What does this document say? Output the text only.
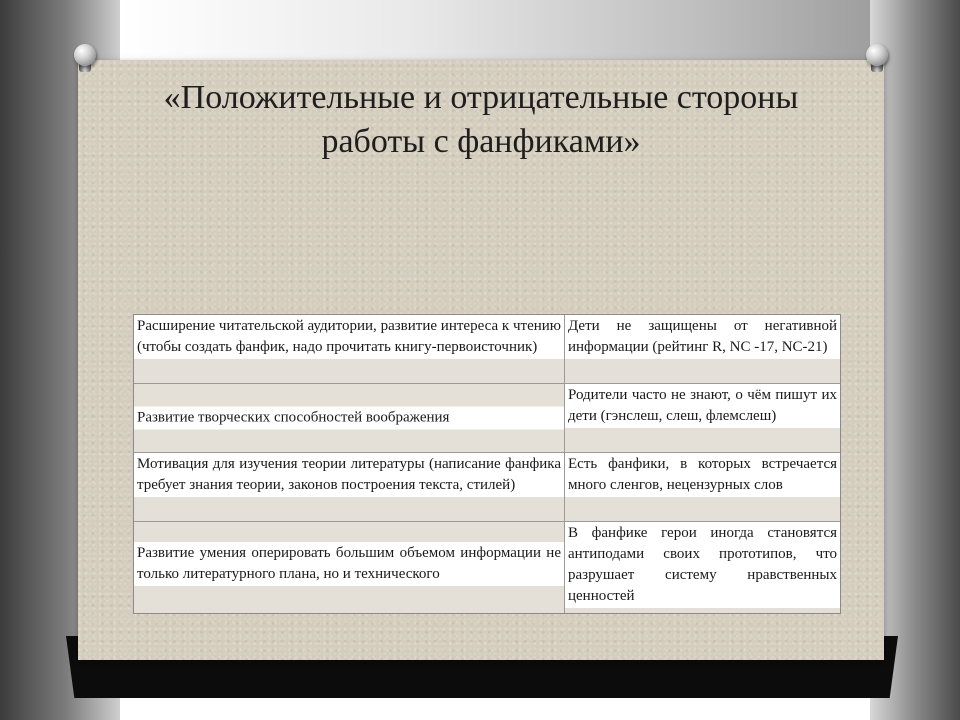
«Положительные и отрицательные стороны
работы с фанфиками»
Расширение читательской аудитории, развитие интереса к чтению (чтобы создать фанфик, надо прочитать книгу-первоисточник)
Дети не защищены от негативной информации (рейтинг R, NC -17, NC-21)
Развитие творческих способностей воображения
Родители часто не знают, о чём пишут их дети (гэнслеш, слеш, флемслеш)
Мотивация для изучения теории литературы (написание фанфика требует знания теории, законов построения текста, стилей)
Есть фанфики, в которых встречается много сленгов, нецензурных слов
Развитие умения оперировать большим объемом информации не только литературного плана, но и технического
В фанфике герои иногда становятся антиподами своих прототипов, что разрушает систему нравственных ценностей
